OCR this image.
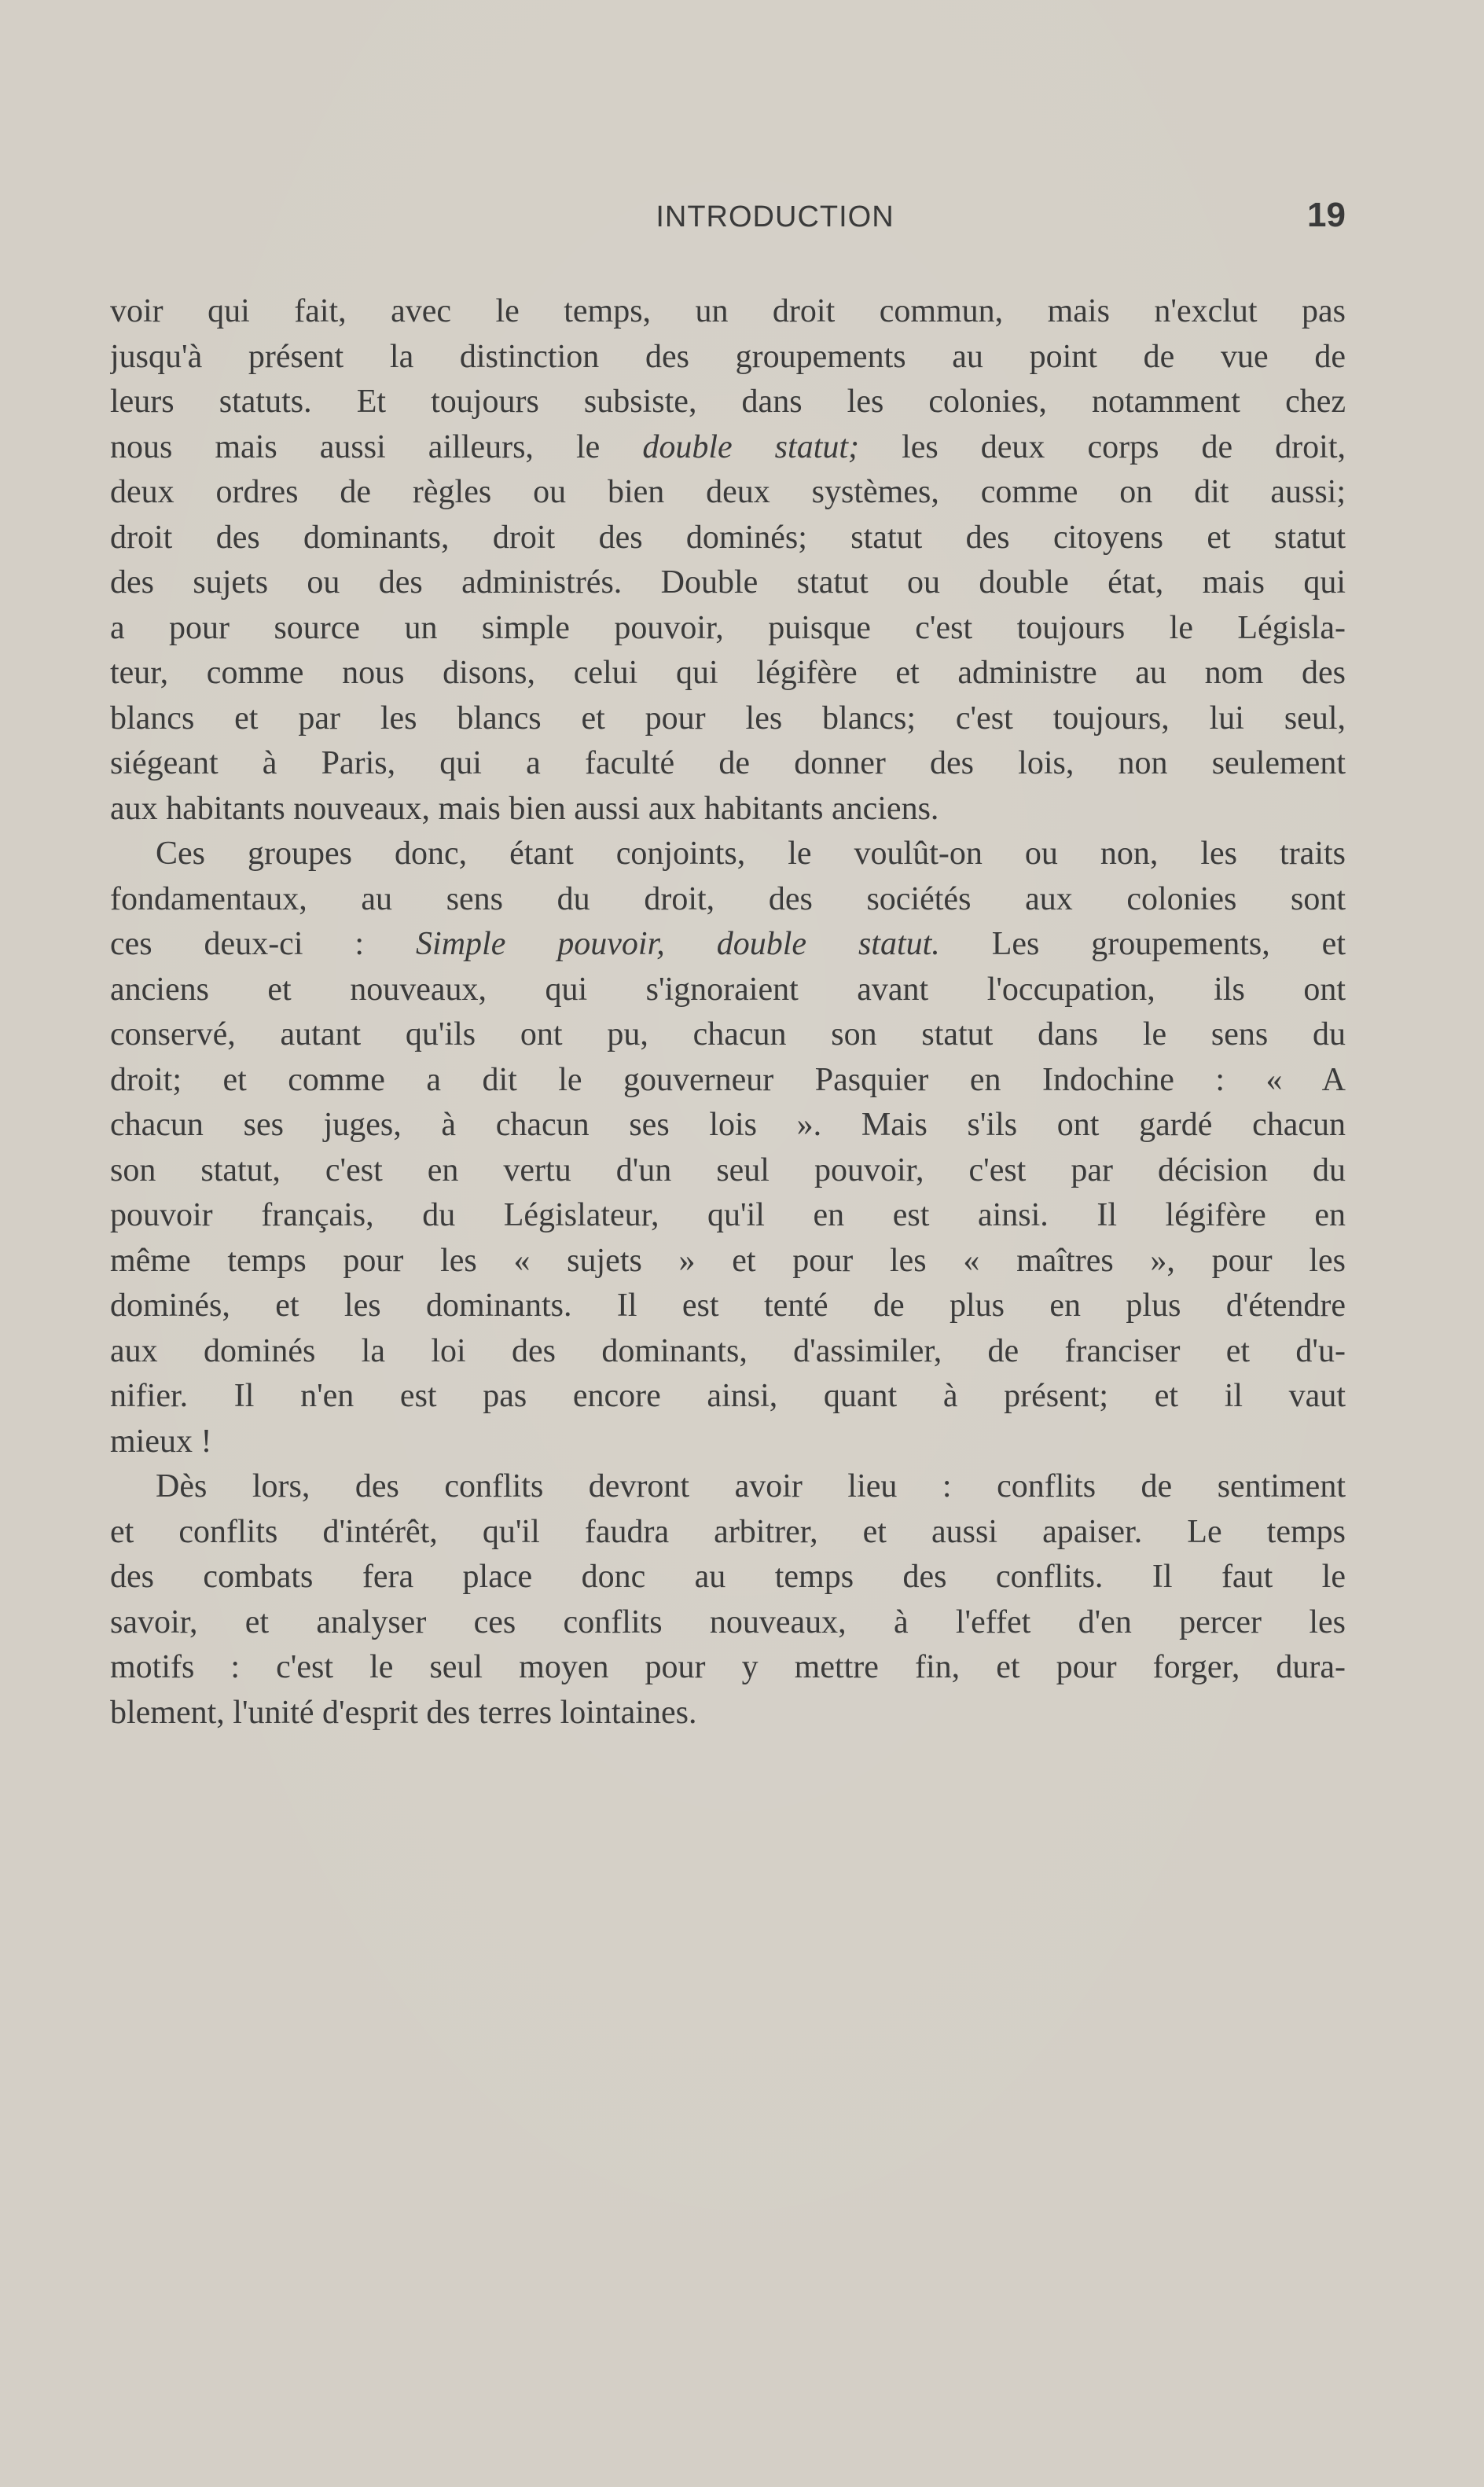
INTRODUCTION	19
voir qui fait, avec le temps, un droit commun, mais n'exclut pas
jusqu'à présent la distinction des groupements au point de vue de
leurs statuts. Et toujours subsiste, dans les colonies, notamment chez
nous mais aussi ailleurs, le double statut; les deux corps de droit,
deux ordres de règles ou bien deux systèmes, comme on dit aussi;
droit des dominants, droit des dominés; statut des citoyens et statut
des sujets ou des administrés. Double statut ou double état, mais qui
a pour source un simple pouvoir, puisque c'est toujours le Législa-
teur, comme nous disons, celui qui légifère et administre au nom des
blancs et par les blancs et pour les blancs; c'est toujours, lui seul,
siégeant à Paris, qui a faculté de donner des lois, non seulement
aux habitants nouveaux, mais bien aussi aux habitants anciens.
Ces groupes donc, étant conjoints, le voulût-on ou non, les traits
fondamentaux, au sens du droit, des sociétés aux colonies sont
ces deux-ci : Simple pouvoir, double statut. Les groupements, et
anciens et nouveaux, qui s'ignoraient avant l'occupation, ils ont
conservé, autant qu'ils ont pu, chacun son statut dans le sens du
droit; et comme a dit le gouverneur Pasquier en Indochine : « A
chacun ses juges, à chacun ses lois ». Mais s'ils ont gardé chacun
son statut, c'est en vertu d'un seul pouvoir, c'est par décision du
pouvoir français, du Législateur, qu'il en est ainsi. Il légifère en
même temps pour les « sujets » et pour les « maîtres », pour les
dominés, et les dominants. Il est tenté de plus en plus d'étendre
aux dominés la loi des dominants, d'assimiler, de franciser et d'u-
nifier. Il n'en est pas encore ainsi, quant à présent; et il vaut
mieux !
Dès lors, des conflits devront avoir lieu : conflits de sentiment
et conflits d'intérêt, qu'il faudra arbitrer, et aussi apaiser. Le temps
des combats fera place donc au temps des conflits. Il faut le
savoir, et analyser ces conflits nouveaux, à l'effet d'en percer les
motifs : c'est le seul moyen pour y mettre fin, et pour forger, dura-
blement, l'unité d'esprit des terres lointaines.
